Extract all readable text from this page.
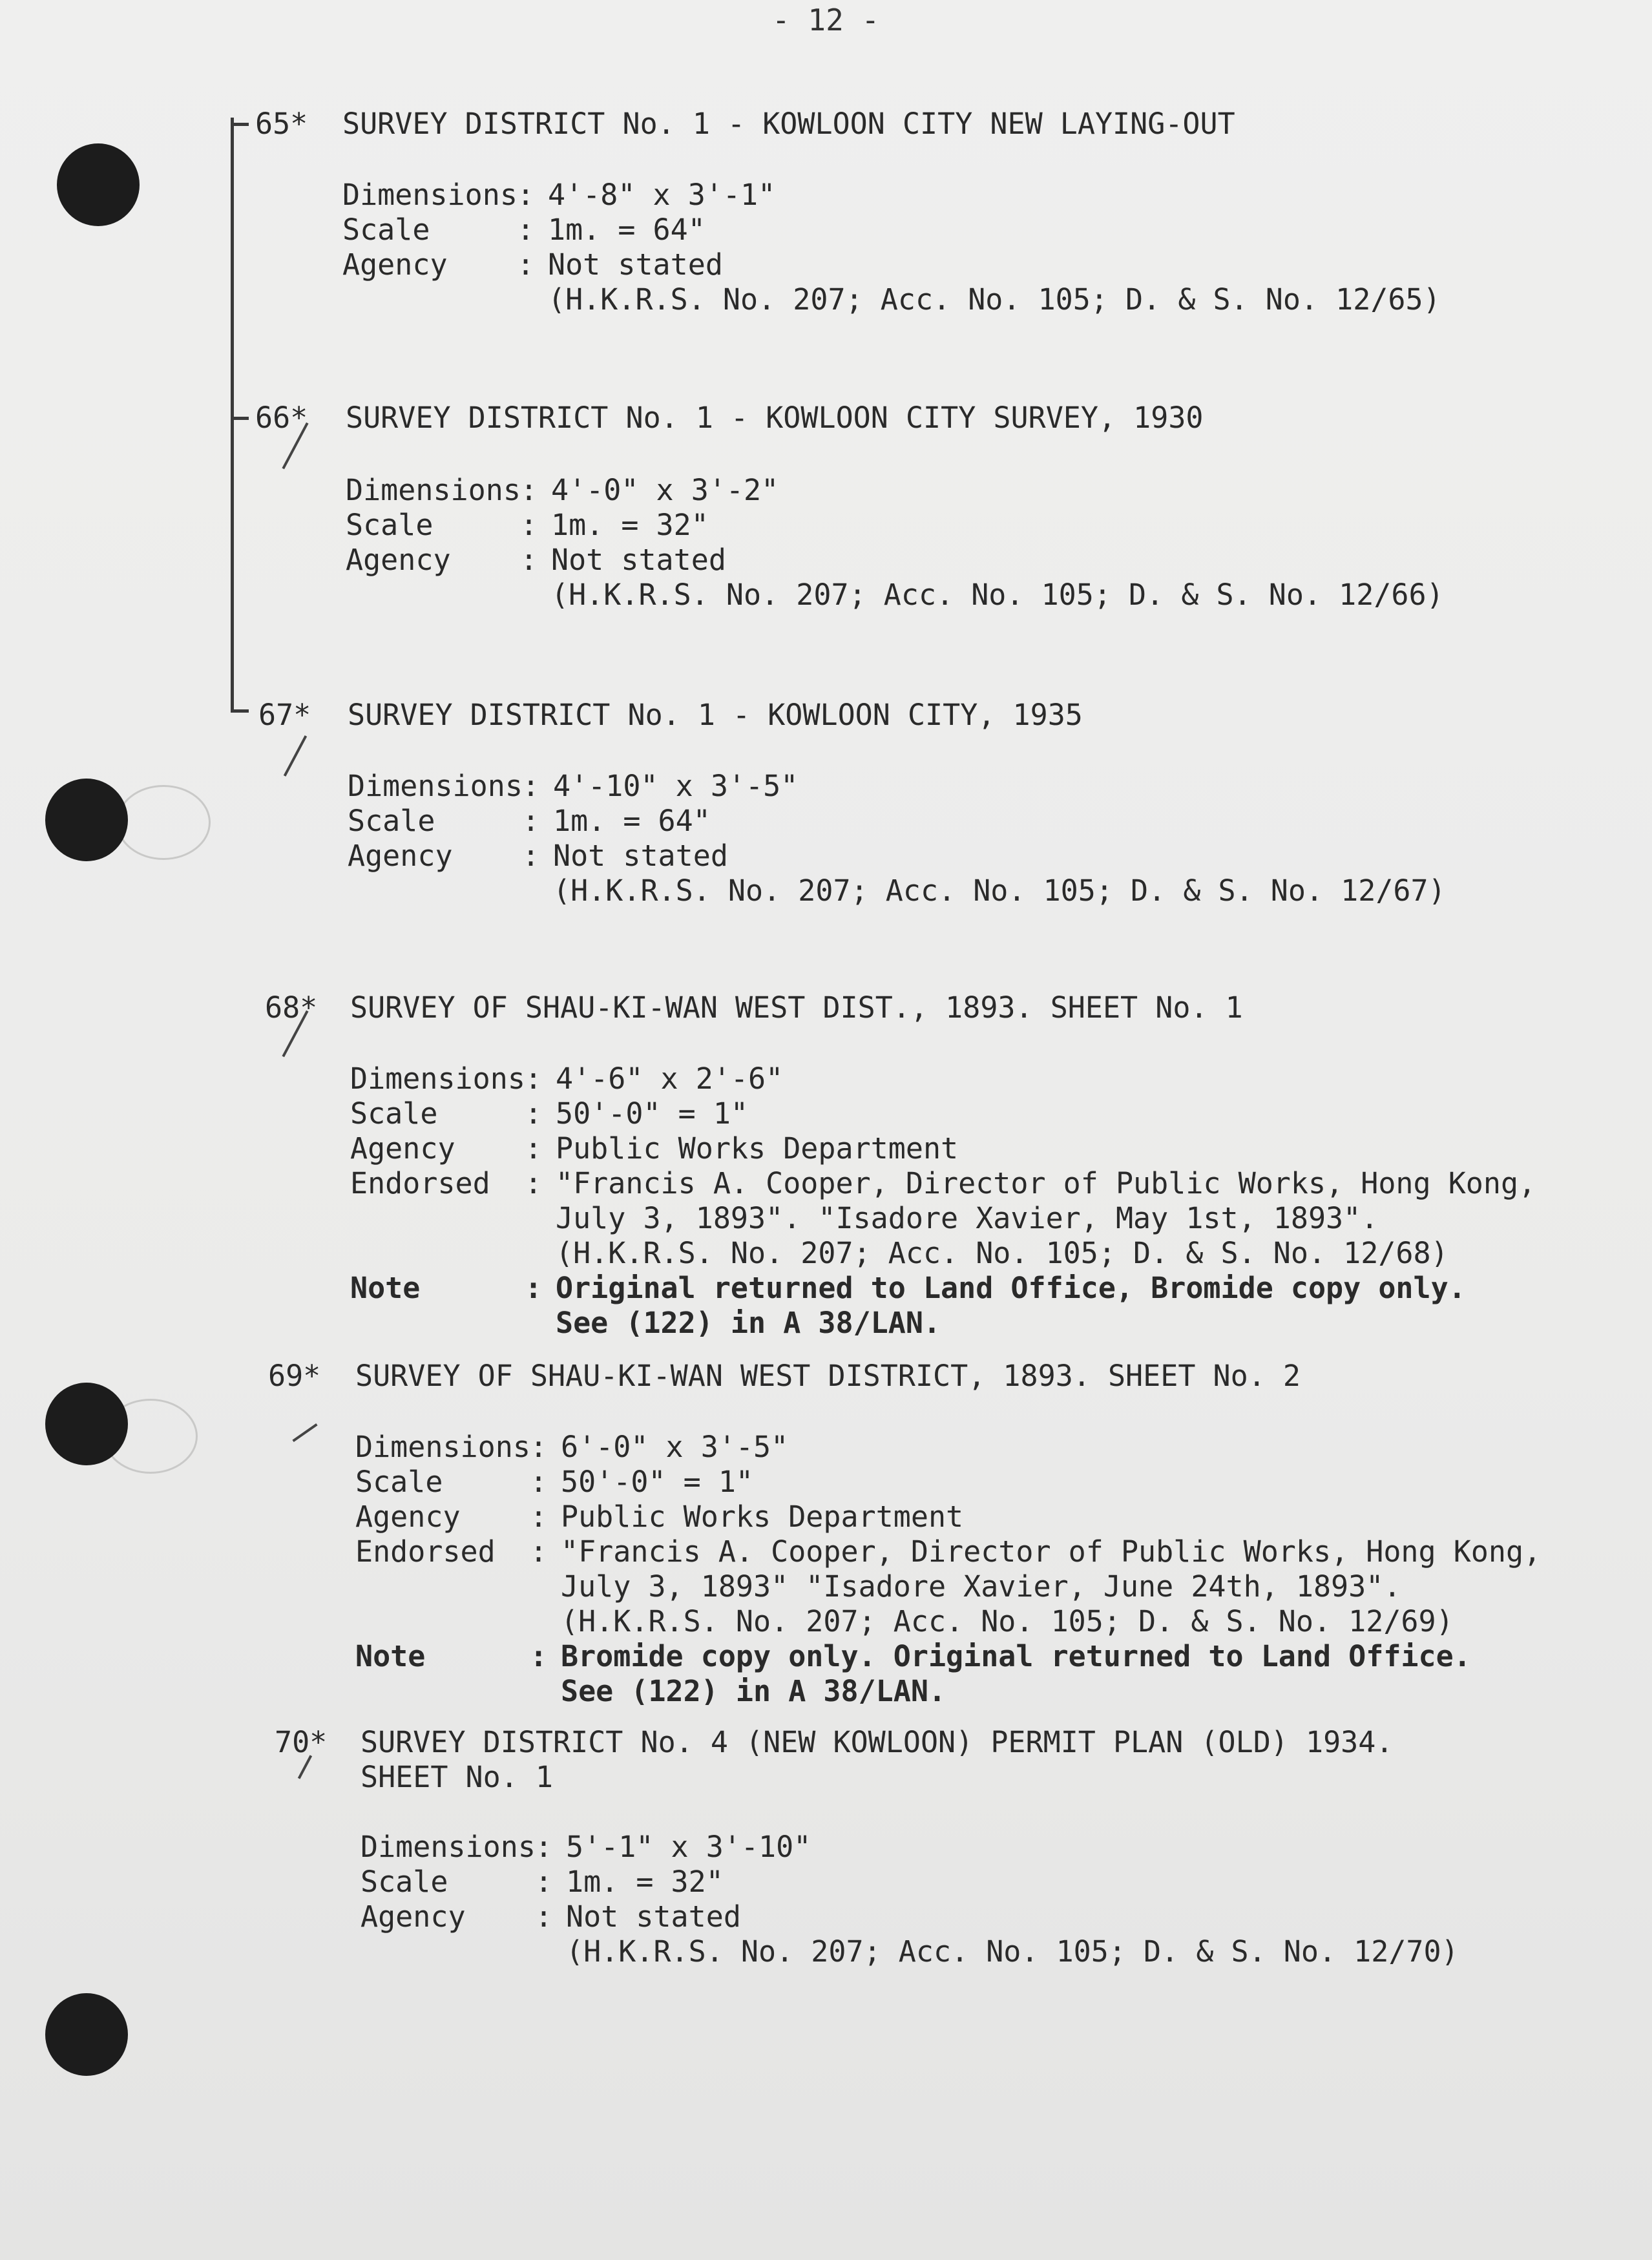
- 12 -
65* SURVEY DISTRICT No. 1 - KOWLOON CITY NEW LAYING-OUT
Dimensions : 4'-8" x 3'-1"
Scale	: 1m. = 64"
Agency : Not stated
(H.K.R.S. No. 207; Acc. No. 105; D. & S. No. 12/65)
66* SURVEY DISTRICT No. 1 - KOWLOON CITY SURVEY, 1930
Dimensions : 4'-0" x 3'-2"
Scale	: 1m. = 32"
Agency : Not stated
(H.K.R.S. No. 207; Acc. No. 105; D. & S. No. 12/66)
67* SURVEY DISTRICT No. 1 - KOWLOON CITY, 1935
Dimensions : 4'-10" x 3'-5"
Scale	: 1m. = 64"
Agency : Not stated
(H.K.R.S. No. 207; Acc. No. 105; D. & S. No. 12/67)
68* SURVEY OF SHAU-KI-WAN WEST DIST., 1893. SHEET No. 1
Dimensions : 4'-6" x 2'-6"
Scale	: 50'-0" = 1"
Agency : Public Works Department
Endorsed : "Francis A. Cooper, Director of Public Works, Hong Kong,
July 3, 1893". "Isadore Xavier, May 1st, 1893".
(H.K.R.S. No. 207; Acc. No. 105; D. & S. No. 12/68)
Note	: Original returned to Land Office, Bromide copy only.
See (122) in A 38/LAN.
69* SURVEY OF SHAU-KI-WAN WEST DISTRICT, 1893. SHEET No. 2
Dimensions : 6'-0" x 3'-5"
Scale	: 50'-0" = 1"
Agency : Public Works Department
Endorsed : "Francis A. Cooper, Director of Public Works, Hong Kong,
July 3, 1893" "Isadore Xavier, June 24th, 1893".
(H.K.R.S. No. 207; Acc. No. 105; D. & S. No. 12/69)
Note	: Bromide copy only. Original returned to Land Office.
See (122) in A 38/LAN.
70* SURVEY DISTRICT No. 4 (NEW KOWLOON) PERMIT PLAN (OLD) 1934.
SHEET No. 1
Dimensions : 5'-1" x 3'-10"
Scale	: 1m. = 32"
Agency : Not stated
(H.K.R.S. No. 207; Acc. No. 105; D. & S. No. 12/70)
